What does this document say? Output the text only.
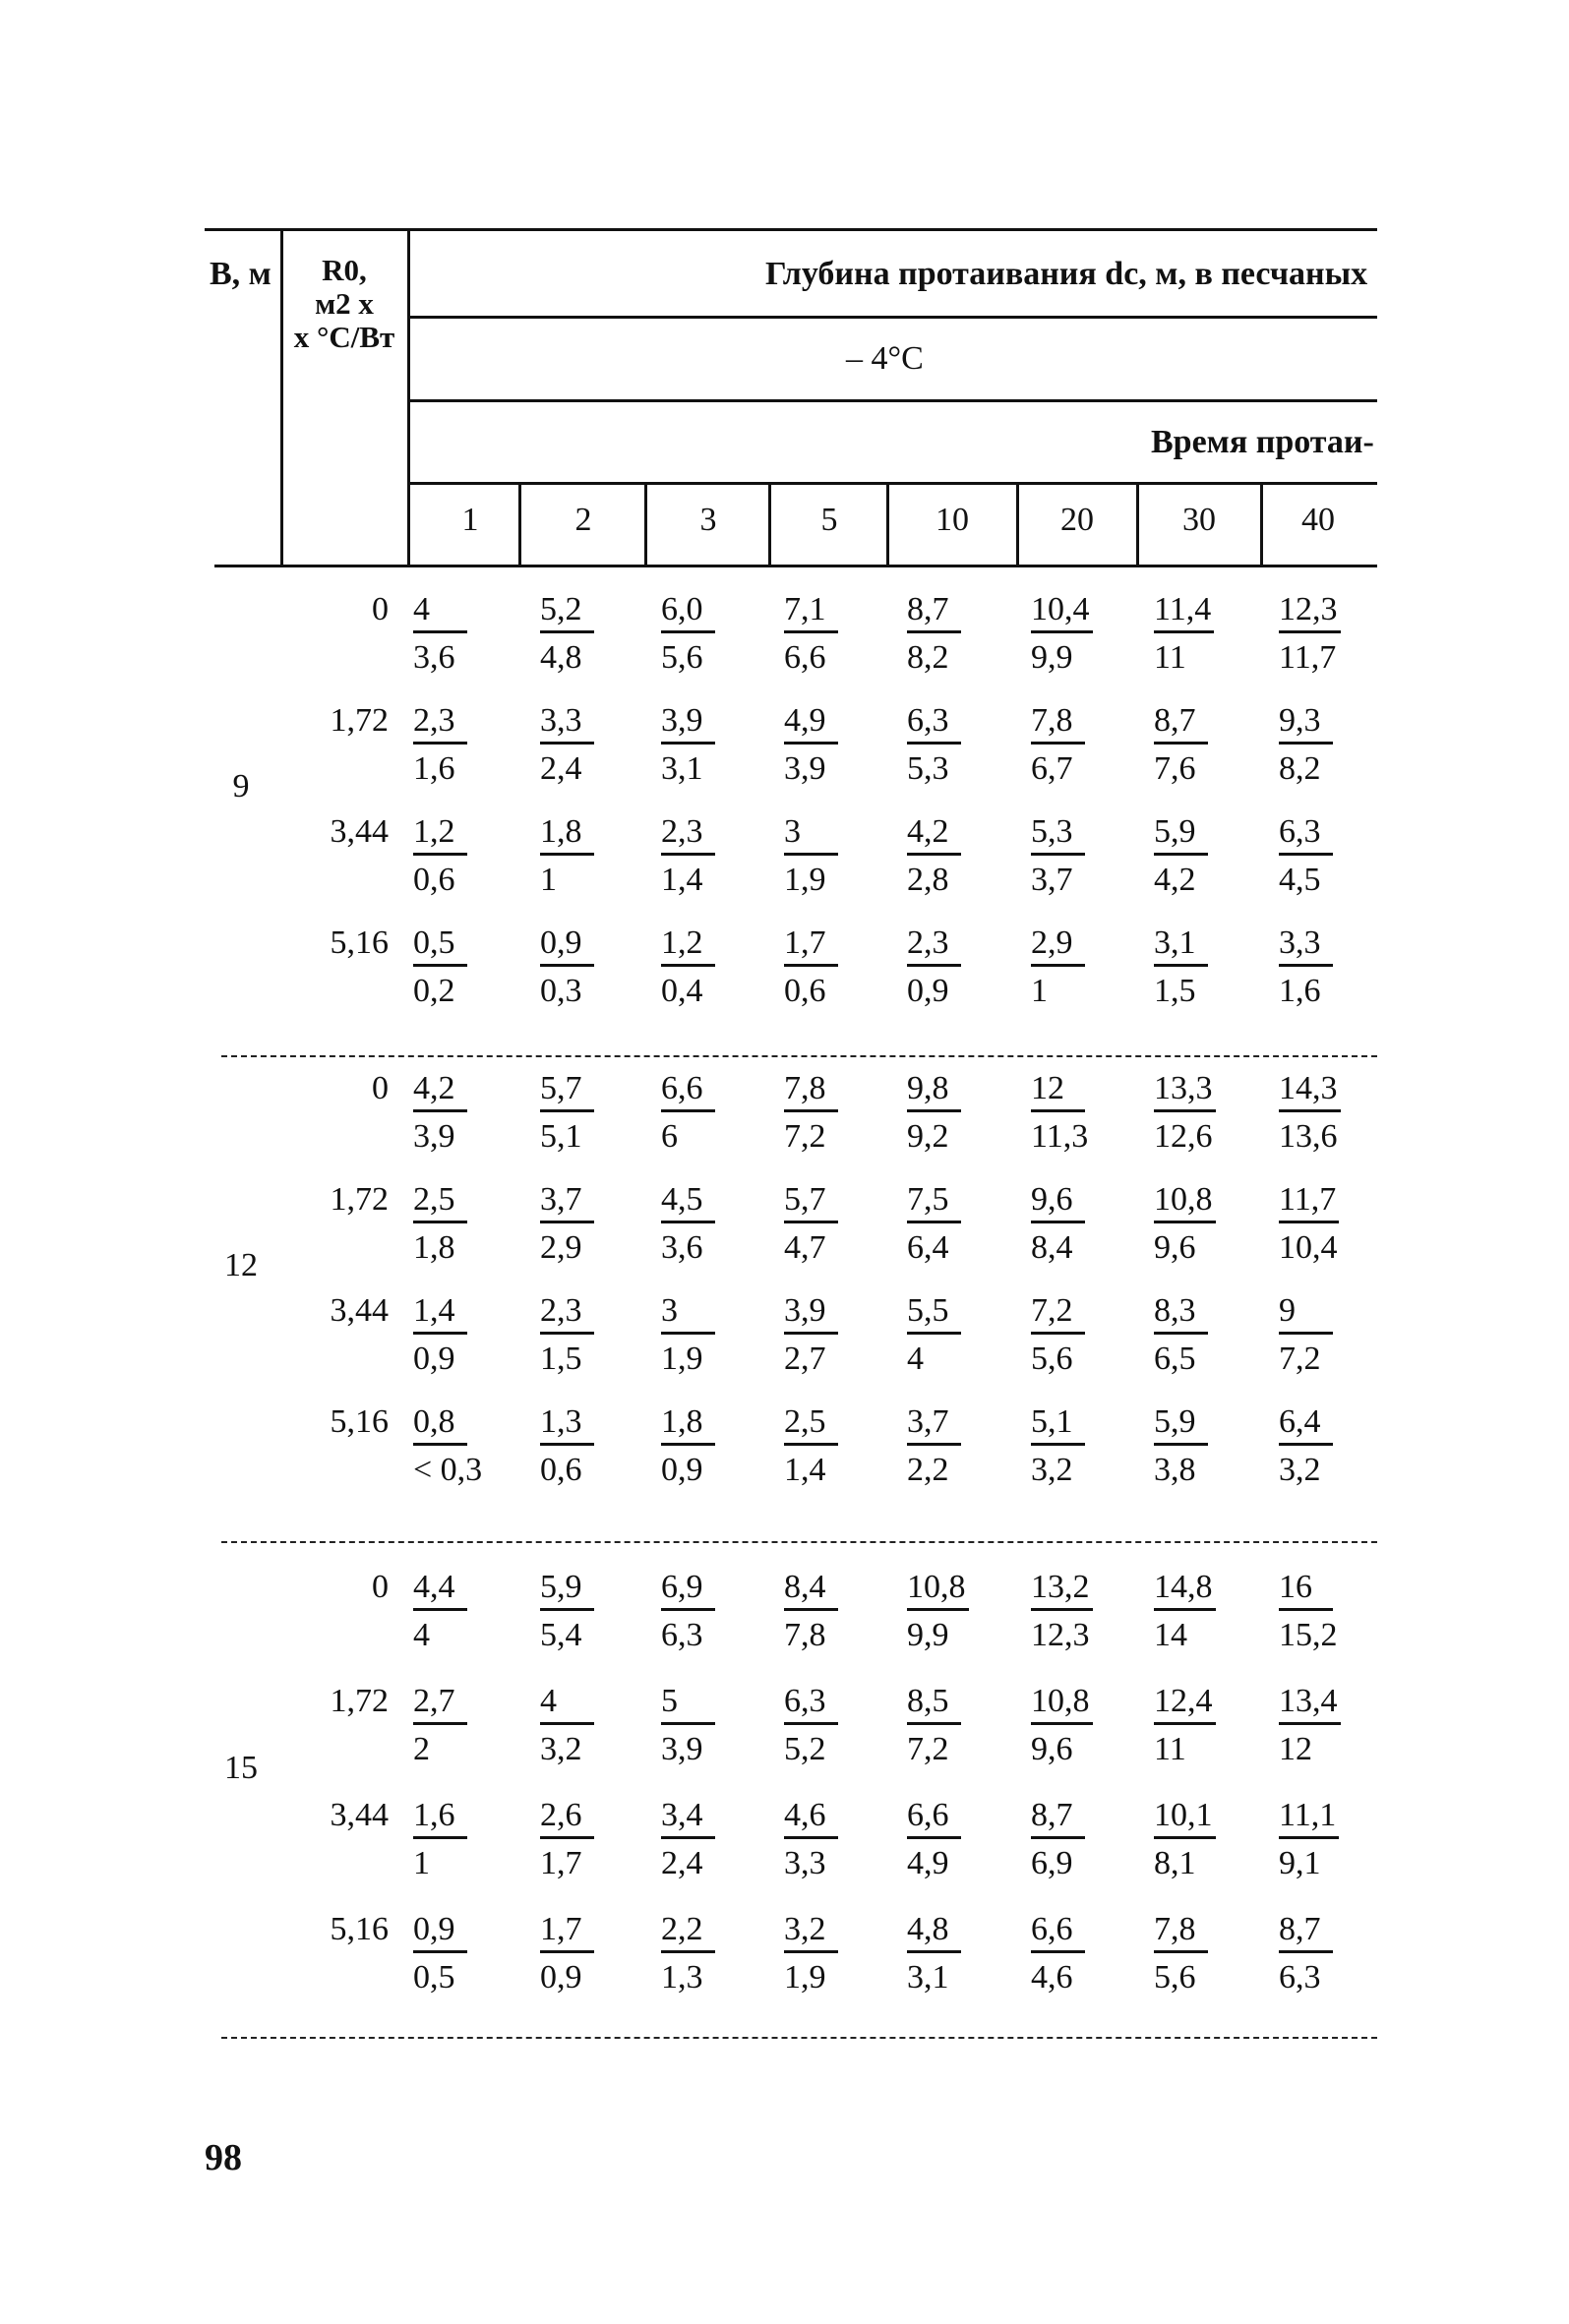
В, м	R0,
м2 х
х °С/Вт
Глубина протаивания dc, м, в песчаных
– 4°С
Время протаи-
1	2	3	5	10	20	30	40
9
$0 \frac{4}{3,6} \frac{5,2}{4,8} \frac{6,0}{5,6} \frac{7,1}{6,6} \frac{8,7}{8,2} \frac{10,4}{9,9} \frac{11,4}{11} \frac{12,3}{11,7}$
$1,72 \frac{2,3}{1,6} \frac{3,3}{2,4} \frac{3,9}{3,1} \frac{4,9}{3,9} \frac{6,3}{5,3} \frac{7,8}{6,7} \frac{8,7}{7,6} \frac{9,3}{8,2}$
$3,44 \frac{1,2}{0,6} \frac{1,8}{1} \frac{2,3}{1,4} \frac{3}{1,9} \frac{4,2}{2,8} \frac{5,3}{3,7} \frac{5,9}{4,2} \frac{6,3}{4,5}$
$5,16 \frac{0,5}{0,2} \frac{0,9}{0,3} \frac{1,2}{0,4} \frac{1,7}{0,6} \frac{2,3}{0,9} \frac{2,9}{1} \frac{3,1}{1,5} \frac{3,3}{1,6}$
12
$0 \frac{4,2}{3,9} \frac{5,7}{5,1} \frac{6,6}{6} \frac{7,8}{7,2} \frac{9,8}{9,2} \frac{12}{11,3} \frac{13,3}{12,6} \frac{14,3}{13,6}$
$1,72 \frac{2,5}{1,8} \frac{3,7}{2,9} \frac{4,5}{3,6} \frac{5,7}{4,7} \frac{7,5}{6,4} \frac{9,6}{8,4} \frac{10,8}{9,6} \frac{11,7}{10,4}$
$3,44 \frac{1,4}{0,9} \frac{2,3}{1,5} \frac{3}{1,9} \frac{3,9}{2,7} \frac{5,5}{4} \frac{7,2}{5,6} \frac{8,3}{6,5} \frac{9}{7,2}$
$5,16 \frac{0,8}{< 0,3} \frac{1,3}{0,6} \frac{1,8}{0,9} \frac{2,5}{1,4} \frac{3,7}{2,2} \frac{5,1}{3,2} \frac{5,9}{3,8} \frac{6,4}{3,2}$
15
$0 \frac{4,4}{4} \frac{5,9}{5,4} \frac{6,9}{6,3} \frac{8,4}{7,8} \frac{10,8}{9,9} \frac{13,2}{12,3} \frac{14,8}{14} \frac{16}{15,2}$
$1,72 \frac{2,7}{2} \frac{4}{3,2} \frac{5}{3,9} \frac{6,3}{5,2} \frac{8,5}{7,2} \frac{10,8}{9,6} \frac{12,4}{11} \frac{13,4}{12}$
$3,44 \frac{1,6}{1} \frac{2,6}{1,7} \frac{3,4}{2,4} \frac{4,6}{3,3} \frac{6,6}{4,9} \frac{8,7}{6,9} \frac{10,1}{8,1} \frac{11,1}{9,1}$
$5,16 \frac{0,9}{0,5} \frac{1,7}{0,9} \frac{2,2}{1,3} \frac{3,2}{1,9} \frac{4,8}{3,1} \frac{6,6}{4,6} \frac{7,8}{5,6} \frac{8,7}{6,3}$
98
